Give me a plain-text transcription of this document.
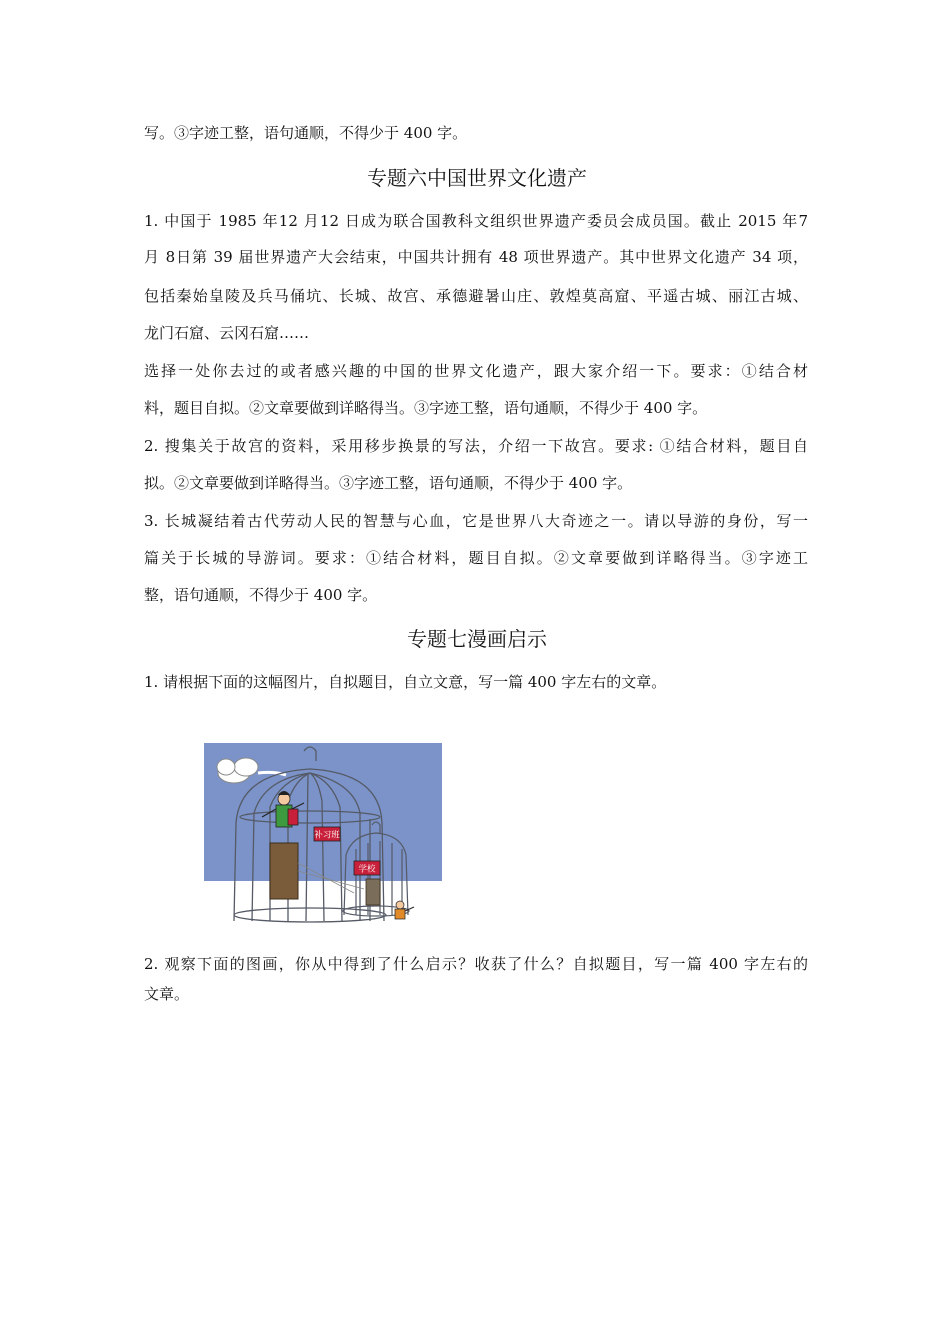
写。③字迹工整，语句通顺，不得少于 400 字。
专题六中国世界文化遗产
1. 中国于 1985 年12 月12 日成为联合国教科文组织世界遗产委员会成员国。截止 2015 年7
月 8日第 39 届世界遗产大会结束，中国共计拥有 48 项世界遗产。其中世界文化遗产 34 项，
包括秦始皇陵及兵马俑坑、长城、故宫、承德避暑山庄、敦煌莫高窟、平遥古城、丽江古城、
龙门石窟、云冈石窟……
选择一处你去过的或者感兴趣的中国的世界文化遗产，跟大家介绍一下。要求：①结合材
料，题目自拟。②文章要做到详略得当。③字迹工整，语句通顺，不得少于 400 字。
2. 搜集关于故宫的资料，采用移步换景的写法，介绍一下故宫。要求: ①结合材料，题目自
拟。②文章要做到详略得当。③字迹工整，语句通顺，不得少于 400 字。
3. 长城凝结着古代劳动人民的智慧与心血，它是世界八大奇迹之一。请以导游的身份，写一
篇关于长城的导游词。要求：①结合材料，题目自拟。②文章要做到详略得当。③字迹工
整，语句通顺，不得少于 400 字。
专题七漫画启示
1. 请根据下面的这幅图片，自拟题目，自立文意，写一篇 400 字左右的文章。
补习班
学校
2. 观察下面的图画，你从中得到了什么启示？收获了什么？自拟题目，写一篇 400 字左右的
文章。
